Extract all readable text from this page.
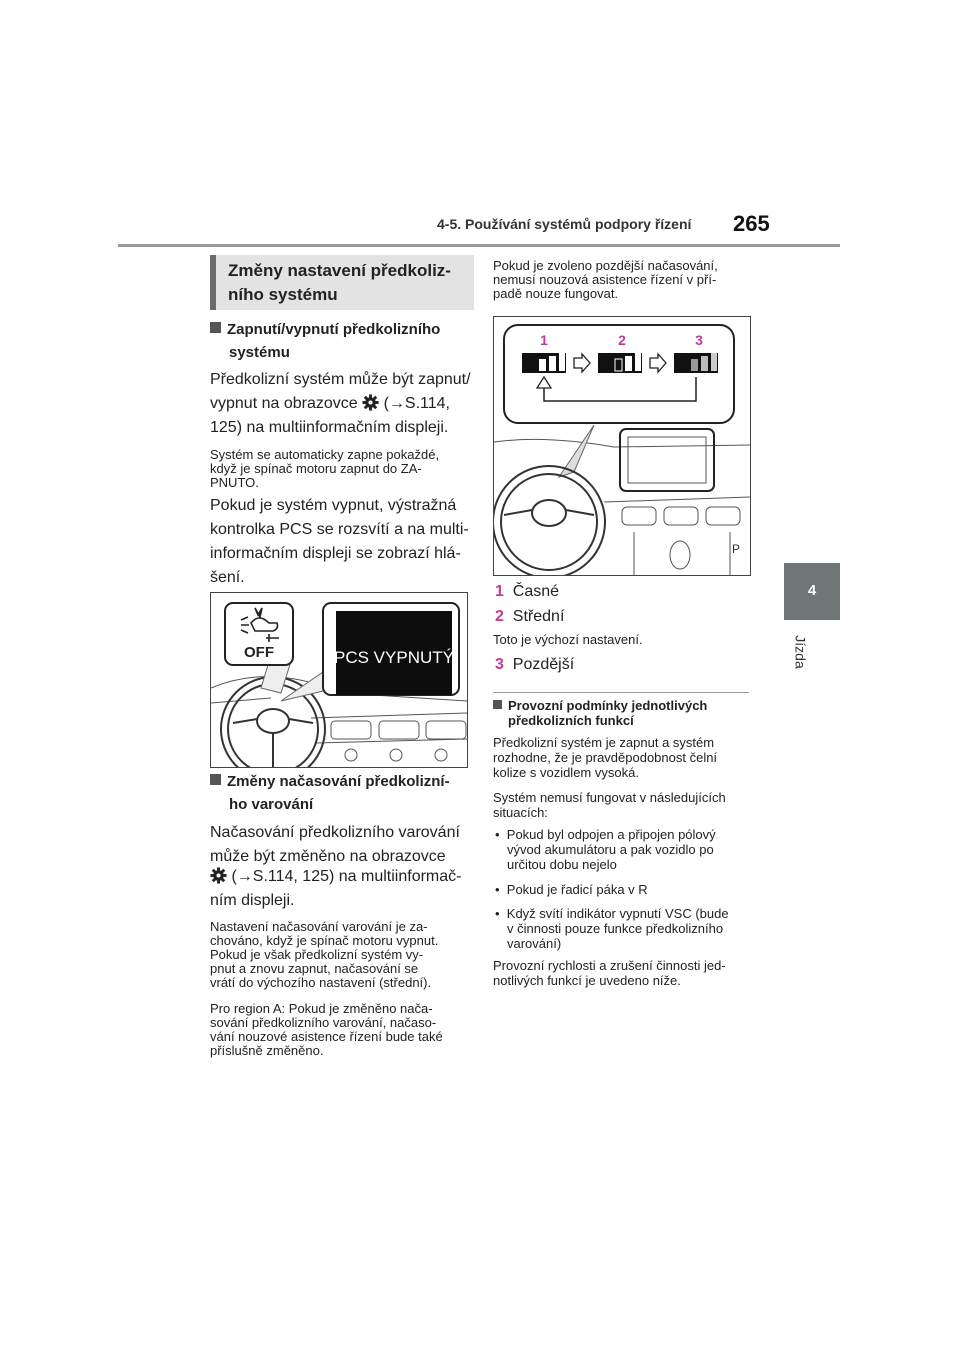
4-5. Používání systémů podpory řízení 265
4
Jízda
Změny nastavení předkoliz-
ního systému
Zapnutí/vypnutí předkolizního
systému
Předkolizní systém může být zapnut/
vypnut na obrazovce (→S.114,
125) na multiinformačním displeji.
Systém se automaticky zapne pokaždé,
když je spínač motoru zapnut do ZA-
PNUTO.
Pokud je systém vypnut, výstražná
kontrolka PCS se rozsvítí a na multi-
informačním displeji se zobrazí hlá-
šení.
OFF	PCS VYPNUTÝ
Změny načasování předkolizní-
ho varování
Načasování předkolizního varování
může být změněno na obrazovce
(→S.114, 125) na multiinformač-
ním displeji.
Nastavení načasování varování je za-
chováno, když je spínač motoru vypnut.
Pokud je však předkolizní systém vy-
pnut a znovu zapnut, načasování se
vrátí do výchozího nastavení (střední).
Pro region A: Pokud je změněno nača-
sování předkolizního varování, načaso-
vání nouzové asistence řízení bude také
příslušně změněno.
Pokud je zvoleno pozdější načasování,
nemusí nouzová asistence řízení v pří-
padě nouze fungovat.
1	2	3
P
1 Časné
2 Střední
Toto je výchozí nastavení.
3 Pozdější
Provozní podmínky jednotlivých
předkolizních funkcí
Předkolizní systém je zapnut a systém
rozhodne, že je pravděpodobnost čelní
kolize s vozidlem vysoká.
Systém nemusí fungovat v následujících
situacích:
•  Pokud byl odpojen a připojen pólový
vývod akumulátoru a pak vozidlo po
určitou dobu nejelo
•  Pokud je řadicí páka v R
•  Když svítí indikátor vypnutí VSC (bude
v činnosti pouze funkce předkolizního
varování)
Provozní rychlosti a zrušení činnosti jed-
notlivých funkcí je uvedeno níže.
